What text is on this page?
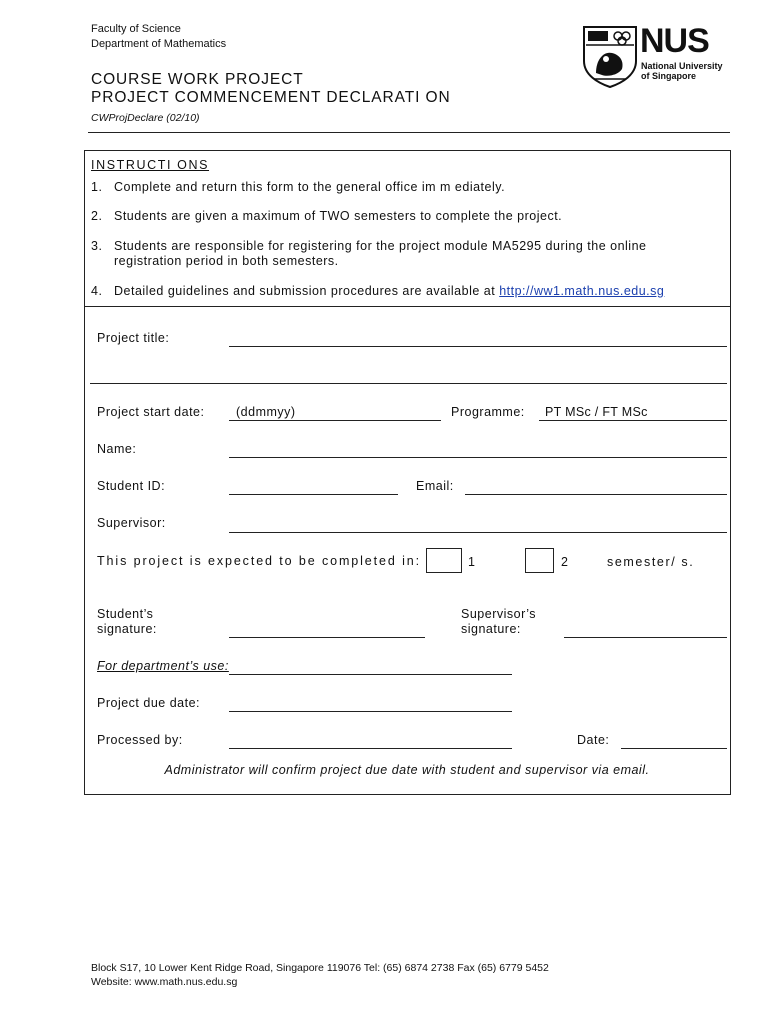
Faculty of Science
Department of Mathematics
COURSE WORK PROJECT
PROJECT COMMENCEMENT DECLARATI ON
CWProjDeclare (02/10)
NUS
National University
of Singapore
INSTRUCTI ONS
1. Complete and return this form to the general office im m ediately.
2. Students are given a maximum of TWO semesters to complete the project.
3. Students are responsible for registering for the project module MA5295 during the online
registration period in both semesters.
4. Detailed guidelines and submission procedures are available at http://ww1.math.nus.edu.sg
Project title:
Project start date:	(ddmmyy)	Programme: PT MSc / FT MSc
Name:
Student ID:	Email:
Supervisor:
This project is expected to be completed in:	1	2	semester/ s.
Student’s
signature:
Supervisor’s
signature:
For department’s use:
Project due date:
Processed by:	Date:
Administrator will confirm project due date with student and supervisor via email.
Block S17, 10 Lower Kent Ridge Road, Singapore 119076 Tel: (65) 6874 2738 Fax (65) 6779 5452
Website: www.math.nus.edu.sg
